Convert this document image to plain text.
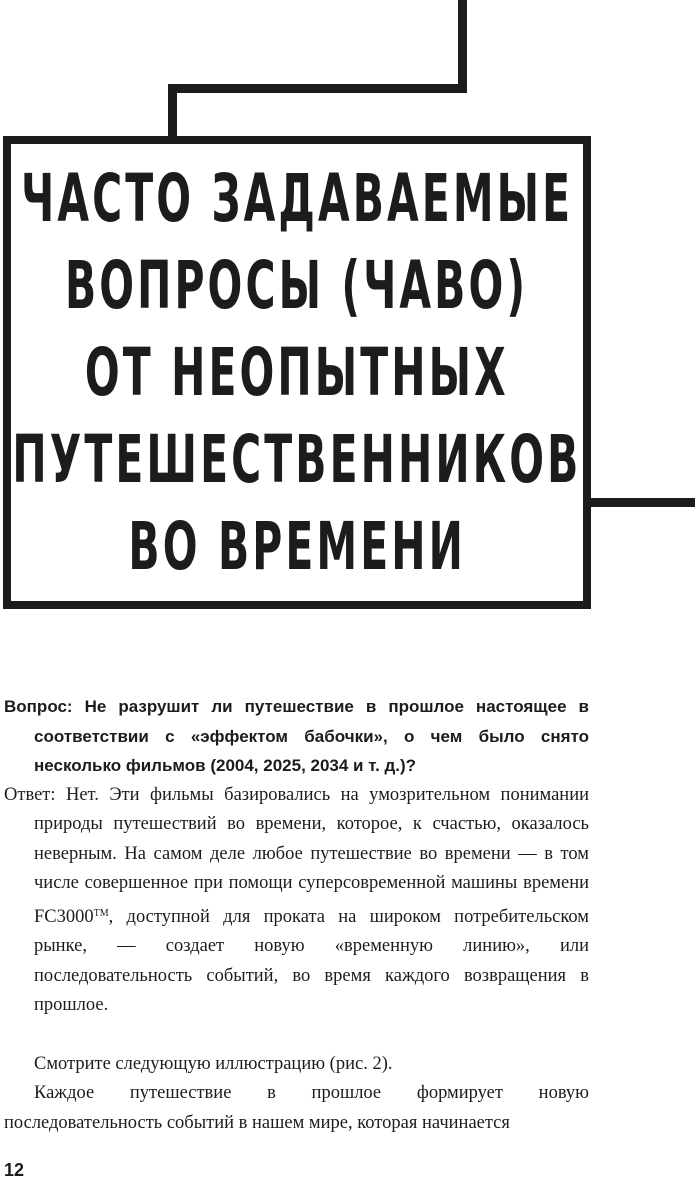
ЧАСТО ЗАДАВАЕМЫЕ
ВОПРОСЫ (ЧАВО)
ОТ НЕОПЫТНЫХ
ПУТЕШЕСТВЕННИКОВ
ВО ВРЕМЕНИ

Вопрос: Не разрушит ли путешествие в прошлое настоящее в соответствии с «эффектом бабочки», о чем было снято несколько фильмов (2004, 2025, 2034 и т. д.)?

Ответ: Нет. Эти фильмы базировались на умозрительном понимании природы путешествий во времени, которое, к счастью, оказалось неверным. На самом деле любое путешествие во времени — в том числе совершенное при помощи суперсовременной машины времени FC3000™, доступной для проката на широком потребительском рынке, — создает новую «временную линию», или последовательность событий, во время каждого возвращения в прошлое.

Смотрите следующую иллюстрацию (рис. 2).

Каждое путешествие в прошлое формирует новую последовательность событий в нашем мире, которая начинается

12
